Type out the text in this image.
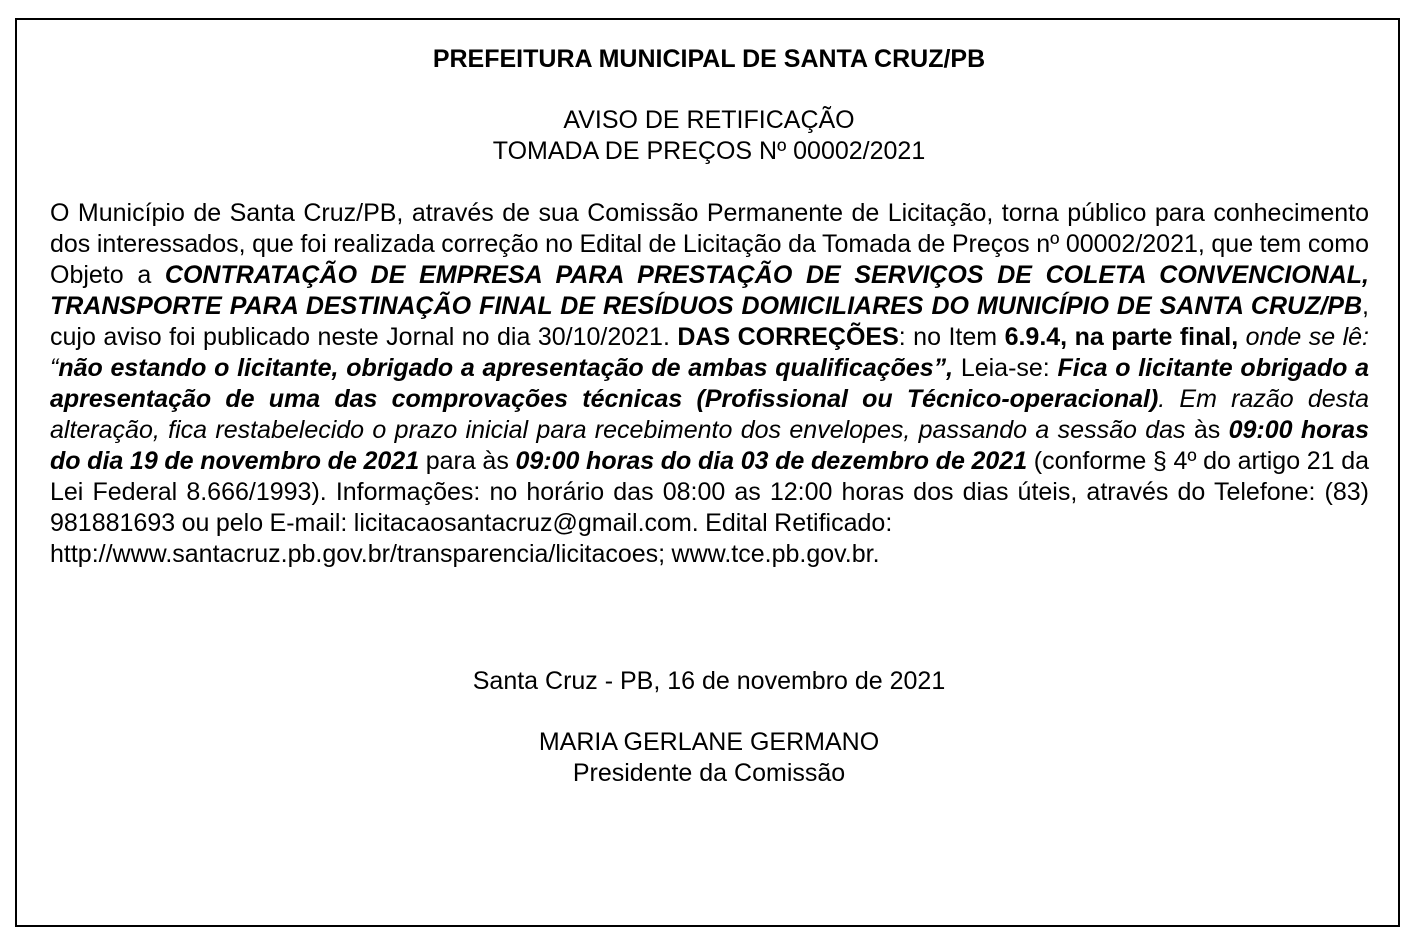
PREFEITURA MUNICIPAL DE SANTA CRUZ/PB
AVISO DE RETIFICAÇÃO
TOMADA DE PREÇOS Nº 00002/2021

O Município de Santa Cruz/PB, através de sua Comissão Permanente de Licitação, torna público para conhecimento dos interessados, que foi realizada correção no Edital de Licitação da Tomada de Preços nº 00002/2021, que tem como Objeto a CONTRATAÇÃO DE EMPRESA PARA PRESTAÇÃO DE SERVIÇOS DE COLETA CONVENCIONAL, TRANSPORTE PARA DESTINAÇÃO FINAL DE RESÍDUOS DOMICILIARES DO MUNICÍPIO DE SANTA CRUZ/PB, cujo aviso foi publicado neste Jornal no dia 30/10/2021. DAS CORREÇÕES: no Item 6.9.4, na parte final, onde se lê: “não estando o licitante, obrigado a apresentação de ambas qualificações”, Leia-se: Fica o licitante obrigado a apresentação de uma das comprovações técnicas (Profissional ou Técnico-operacional). Em razão desta alteração, fica restabelecido o prazo inicial para recebimento dos envelopes, passando a sessão das às 09:00 horas do dia 19 de novembro de 2021 para às 09:00 horas do dia 03 de dezembro de 2021 (conforme § 4º do artigo 21 da Lei Federal 8.666/1993). Informações: no horário das 08:00 as 12:00 horas dos dias úteis, através do Telefone: (83) 981881693 ou pelo E-mail: licitacaosantacruz@gmail.com. Edital Retificado:
http://www.santacruz.pb.gov.br/transparencia/licitacoes; www.tce.pb.gov.br.

Santa Cruz - PB, 16 de novembro de 2021
MARIA GERLANE GERMANO
Presidente da Comissão
